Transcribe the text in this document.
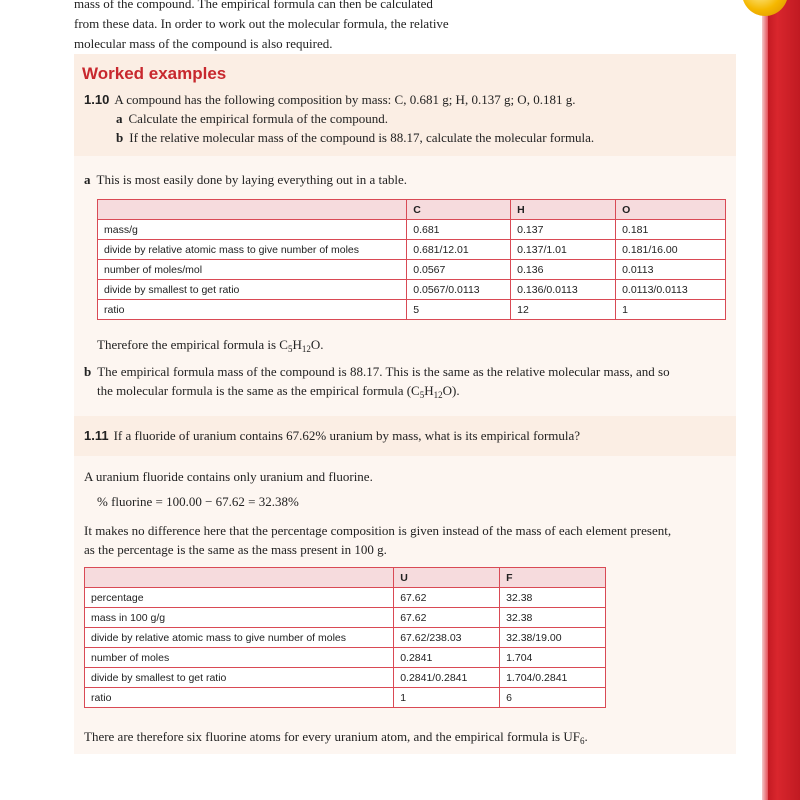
mass of the compound. The empirical formula can then be calculated

from these data. In order to work out the molecular formula, the relative

molecular mass of the compound is also required.

Worked examples
1.10 A compound has the following composition by mass: C, 0.681 g; H, 0.137 g; O, 0.181 g.
a Calculate the empirical formula of the compound.
b If the relative molecular mass of the compound is 88.17, calculate the molecular formula.
a This is most easily done by laying everything out in a table.
	C	H	O
mass/g	0.681	0.137	0.181
divide by relative atomic mass to give number of moles	0.681/12.01	0.137/1.01	0.181/16.00
number of moles/mol	0.0567	0.136	0.0113
divide by smallest to get ratio	0.0567/0.0113	0.136/0.0113	0.0113/0.0113
ratio	5	12	1
Therefore the empirical formula is $C_5H_{12}O$.
b The empirical formula mass of the compound is 88.17. This is the same as the relative molecular mass, and so
the molecular formula is the same as the empirical formula $(C_5H_{12}O)$.
1.11 If a fluoride of uranium contains 67.62% uranium by mass, what is its empirical formula?
A uranium fluoride contains only uranium and fluorine.
% fluorine = 100.00 − 67.62 = 32.38%
It makes no difference here that the percentage composition is given instead of the mass of each element present,
as the percentage is the same as the mass present in 100 g.
	U	F
percentage	67.62	32.38
mass in 100 g/g	67.62	32.38
divide by relative atomic mass to give number of moles	67.62/238.03	32.38/19.00
number of moles	0.2841	1.704
divide by smallest to get ratio	0.2841/0.2841	1.704/0.2841
ratio	1	6
There are therefore six fluorine atoms for every uranium atom, and the empirical formula is $UF_6$.
